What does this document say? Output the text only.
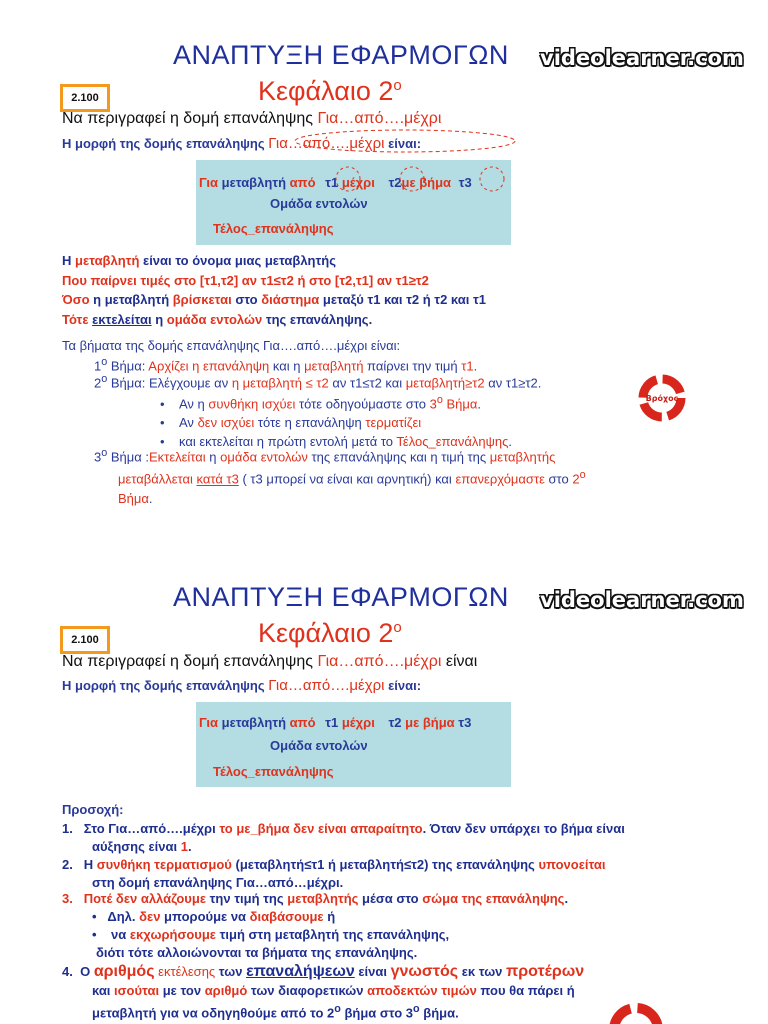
ΑΝΑΠΤΥΞΗ ΕΦΑΡΜΟΓΩΝ videolearner.com
Κεφάλαιο $2^o$
2.100
Να περιγραφεί η δομή επανάληψης Για…από….μέχρι
Η μορφή της δομής επανάληψης Για…από….μέχρι είναι:
Για μεταβλητή από τ1 μέχρι τ2με βήμα τ3
Ομάδα εντολών
Τέλος_επανάληψης
Η μεταβλητή είναι το όνομα μιας μεταβλητής
Που παίρνει τιμές στο [τ1,τ2] αν τ1≤τ2 ή στο [τ2,τ1] αν τ1≥τ2
Όσο η μεταβλητή βρίσκεται στο διάστημα μεταξύ τ1 και τ2 ή τ2 και τ1
Τότε εκτελείται η ομάδα εντολών της επανάληψης.
Τα βήματα της δομής επανάληψης Για….από….μέχρι είναι:
$1^o$ Βήμα: Αρχίζει η επανάληψη και η μεταβλητή παίρνει την τιμή τ1.
$2^o$ Βήμα: Ελέγχουμε αν η μεταβλητή ≤ τ2 αν τ1≤τ2 και μεταβλητή≥τ2 αν τ1≥τ2.
•    Αν η συνθήκη ισχύει τότε οδηγούμαστε στο $3^o$ Βήμα.
•    Αν δεν ισχύει τότε η επανάληψη τερματίζει
•    και εκτελείται η πρώτη εντολή μετά το Τέλος_επανάληψης.
$3^o$ Βήμα :Εκτελείται η ομάδα εντολών της επανάληψης και η τιμή της μεταβλητής
μεταβάλλεται κατά τ3 ( τ3 μπορεί να είναι και αρνητική) και επανερχόμαστε στο $2^o$
Βήμα.
Βρόχος
ΑΝΑΠΤΥΞΗ ΕΦΑΡΜΟΓΩΝ videolearner.com
Κεφάλαιο $2^o$
2.100
Να περιγραφεί η δομή επανάληψης Για…από….μέχρι είναι
Η μορφή της δομής επανάληψης Για…από….μέχρι είναι:
Για μεταβλητή από τ1 μέχρι τ2 με βήμα τ3
Ομάδα εντολών
Τέλος_επανάληψης
Προσοχή:
1. Στο Για…από….μέχρι το με_βήμα δεν είναι απαραίτητο. Όταν δεν υπάρχει το βήμα είναι
αύξησης είναι 1.
2. Η συνθήκη τερματισμού (μεταβλητή≤τ1 ή μεταβλητή≤τ2) της επανάληψης υπονοείται
στη δομή επανάληψης Για…από…μέχρι.
3. Ποτέ δεν αλλάζουμε την τιμή της μεταβλητής μέσα στο σώμα της επανάληψης.
•   Δηλ. δεν μπορούμε να διαβάσουμε ή
•    να εκχωρήσουμε τιμή στη μεταβλητή της επανάληψης,
διότι τότε αλλοιώνονται τα βήματα της επανάληψης.
4. Ο αριθμός εκτέλεσης των επαναλήψεων είναι γνωστός εκ των προτέρων
και ισούται με τον αριθμό των διαφορετικών αποδεκτών τιμών που θα πάρει ή
μεταβλητή για να οδηγηθούμε από το $2^o$ βήμα στο $3^o$ βήμα.
